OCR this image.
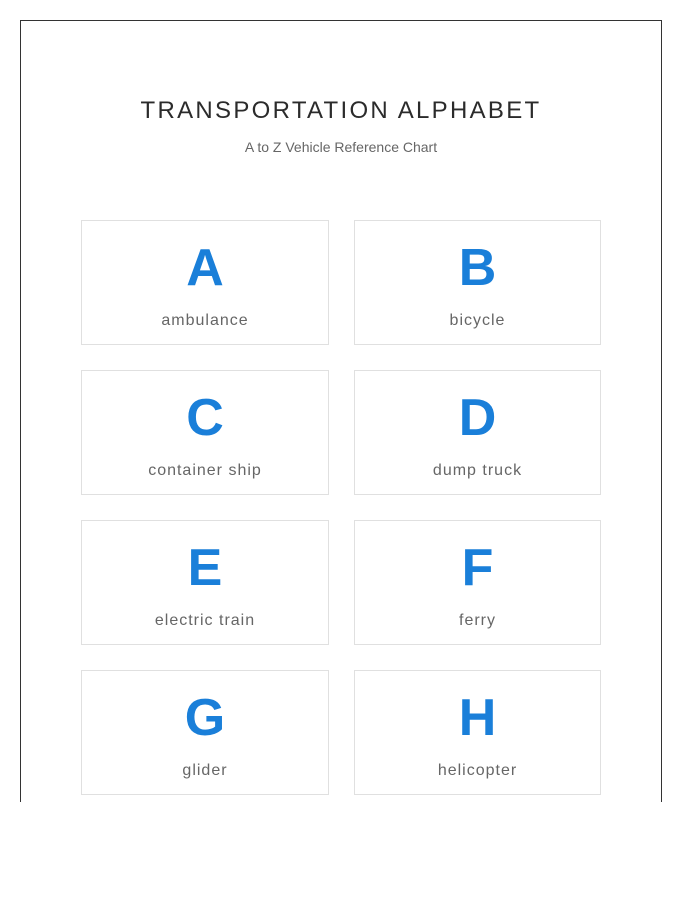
TRANSPORTATION ALPHABET

A to Z Vehicle Reference Chart

A
ambulance
B
bicycle
C
container ship
D
dump truck
E
electric train
F
ferry
G
glider
H
helicopter
